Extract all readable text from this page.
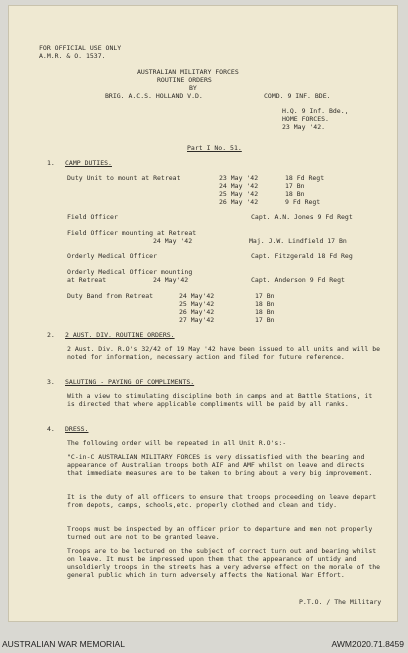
FOR OFFICIAL USE ONLY
A.M.R. & O. 1537.
AUSTRALIAN MILITARY FORCES
ROUTINE ORDERS
BY
BRIG. A.C.S. HOLLAND V.D.	COMD. 9 INF. BDE.
H.Q. 9 Inf. Bde.,
HOME FORCES.
23 May '42.
Part I No. 51.
1. CAMP DUTIES.
Duty Unit to mount at Retreat	23 May '42	18 Fd Regt
24 May '42	17 Bn
25 May '42	18 Bn
26 May '42	9 Fd Regt
Field Officer	Capt. A.N. Jones 9 Fd Regt
Field Officer mounting at Retreat
24 May '42	Maj. J.W. Lindfield 17 Bn
Orderly Medical Officer	Capt. Fitzgerald 18 Fd Reg
Orderly Medical Officer mounting
at Retreat	24 May'42	Capt. Anderson 9 Fd Regt
Duty Band from Retreat	24 May'42	17 Bn
25 May'42	18 Bn
26 May'42	18 Bn
27 May'42	17 Bn
2. 2 AUST. DIV. ROUTINE ORDERS.
2 Aust. Div. R.O's 32/42 of 19 May '42 have been issued to all units and will be noted for information, necessary action and filed for future reference.
3. SALUTING - PAYING OF COMPLIMENTS.
With a view to stimulating discipline both in camps and at Battle Stations, it is directed that where applicable compliments will be paid by all ranks.
4. DRESS.
The following order will be repeated in all Unit R.O's:-
"C-in-C AUSTRALIAN MILITARY FORCES is very dissatisfied with the bearing and appearance of Australian troops both AIF and AMF whilst on leave and directs that immediate measures are to be taken to bring about a very big improvement.
It is the duty of all officers to ensure that troops proceeding on leave depart from depots, camps, schools,etc. properly clothed and clean and tidy.
Troops must be inspected by an officer prior to departure and men not properly turned out are not to be granted leave.
Troops are to be lectured on the subject of correct turn out and bearing whilst on leave. It must be impressed upon them that the appearance of untidy and unsoldierly troops in the streets has a very adverse effect on the morale of the general public which in turn adversely affects the National War Effort.
P.T.O. / The Military
AUSTRALIAN WAR MEMORIAL	AWM2020.71.8459
